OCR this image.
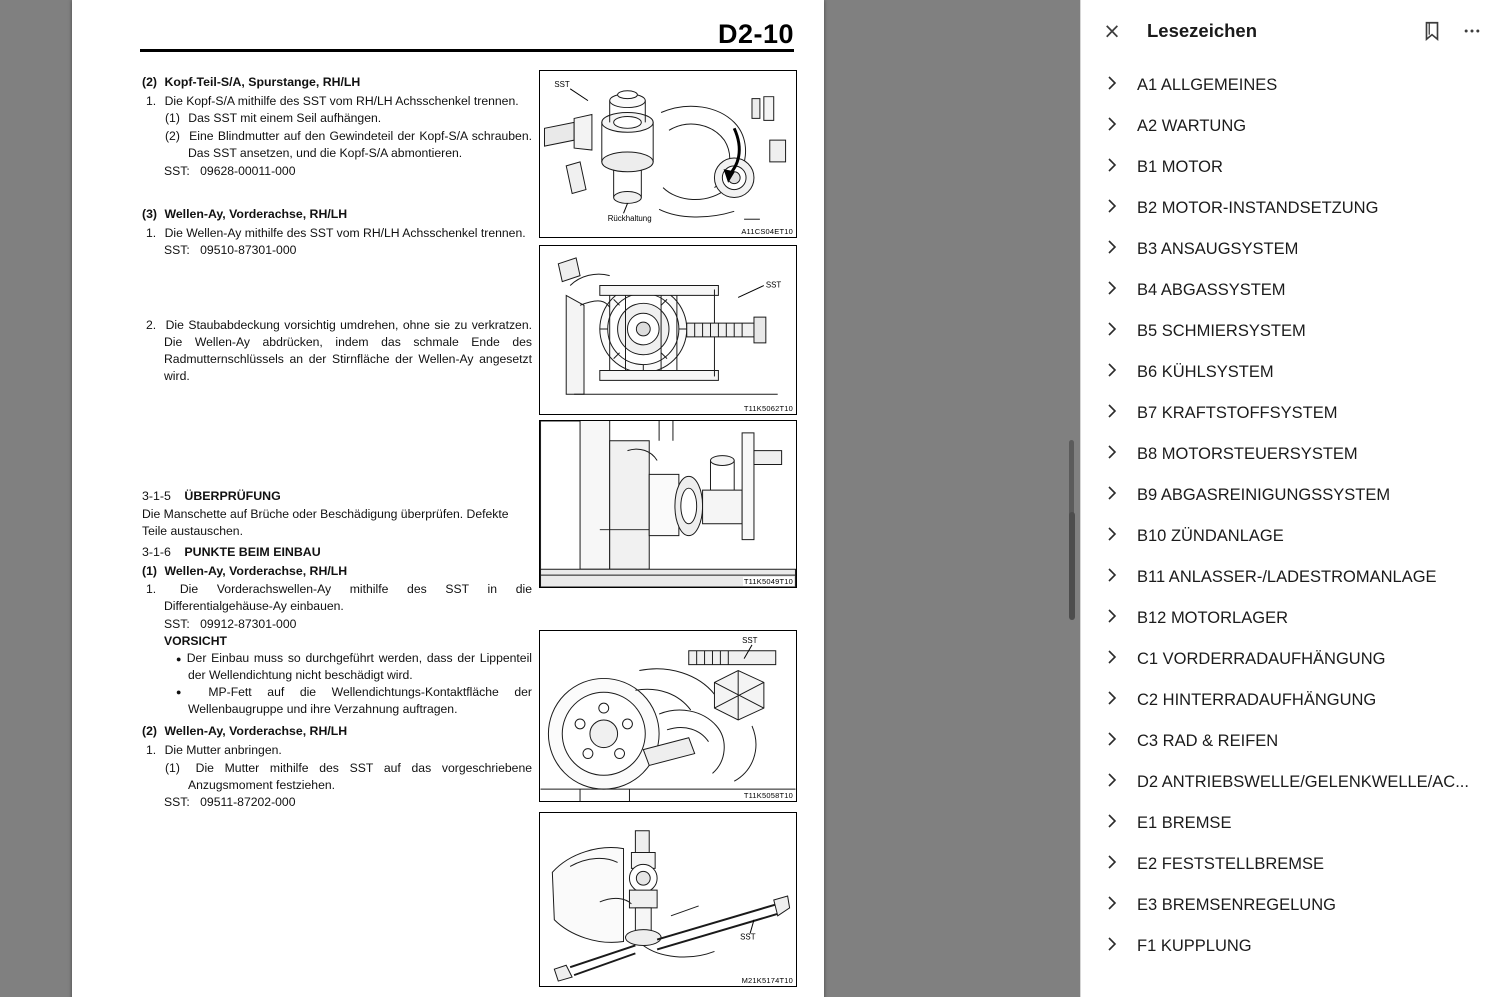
D2-10
(2) Kopf-Teil-S/A, Spurstange, RH/LH
1. Die Kopf-S/A mithilfe des SST vom RH/LH Achsschenkel trennen.
(1) Das SST mit einem Seil aufhängen.
(2) Eine Blindmutter auf den Gewindeteil der Kopf-S/A schrauben. Das SST ansetzen, und die Kopf-S/A abmontieren.
SST: 09628-00011-000
(3) Wellen-Ay, Vorderachse, RH/LH
1. Die Wellen-Ay mithilfe des SST vom RH/LH Achsschenkel trennen.
SST: 09510-87301-000
2. Die Staubabdeckung vorsichtig umdrehen, ohne sie zu verkratzen. Die Wellen-Ay abdrücken, indem das schmale Ende des Radmutternschlüssels an der Stirnfläche der Wellen-Ay angesetzt wird.
3-1-5 ÜBERPRÜFUNG
Die Manschette auf Brüche oder Beschädigung überprüfen. Defekte Teile austauschen.
3-1-6 PUNKTE BEIM EINBAU
(1) Wellen-Ay, Vorderachse, RH/LH
1. Die Vorderachswellen-Ay mithilfe des SST in die Differentialgehäuse-Ay einbauen.
SST: 09912-87301-000
VORSICHT
● Der Einbau muss so durchgeführt werden, dass der Lippenteil der Wellendichtung nicht beschädigt wird.
● MP-Fett auf die Wellendichtungs-Kontaktfläche der Wellenbaugruppe und ihre Verzahnung auftragen.
(2) Wellen-Ay, Vorderachse, RH/LH
1. Die Mutter anbringen.
(1) Die Mutter mithilfe des SST auf das vorgeschriebene Anzugsmoment festziehen.
SST: 09511-87202-000
SST
Rückhaltung
A11CS04ET10
SST
T11K5062T10
T11K5049T10
SST
T11K5058T10
SST
M21K5174T10
× Lesezeichen
A1 ALLGEMEINES
A2 WARTUNG
B1 MOTOR
B2 MOTOR-INSTANDSETZUNG
B3 ANSAUGSYSTEM
B4 ABGASSYSTEM
B5 SCHMIERSYSTEM
B6 KÜHLSYSTEM
B7 KRAFTSTOFFSYSTEM
B8 MOTORSTEUERSYSTEM
B9 ABGASREINIGUNGSSYSTEM
B10 ZÜNDANLAGE
B11 ANLASSER-/LADESTROMANLAGE
B12 MOTORLAGER
C1 VORDERRADAUFHÄNGUNG
C2 HINTERRADAUFHÄNGUNG
C3 RAD & REIFEN
D2 ANTRIEBSWELLE/GELENKWELLE/AC...
E1 BREMSE
E2 FESTSTELLBREMSE
E3 BREMSENREGELUNG
F1 KUPPLUNG
